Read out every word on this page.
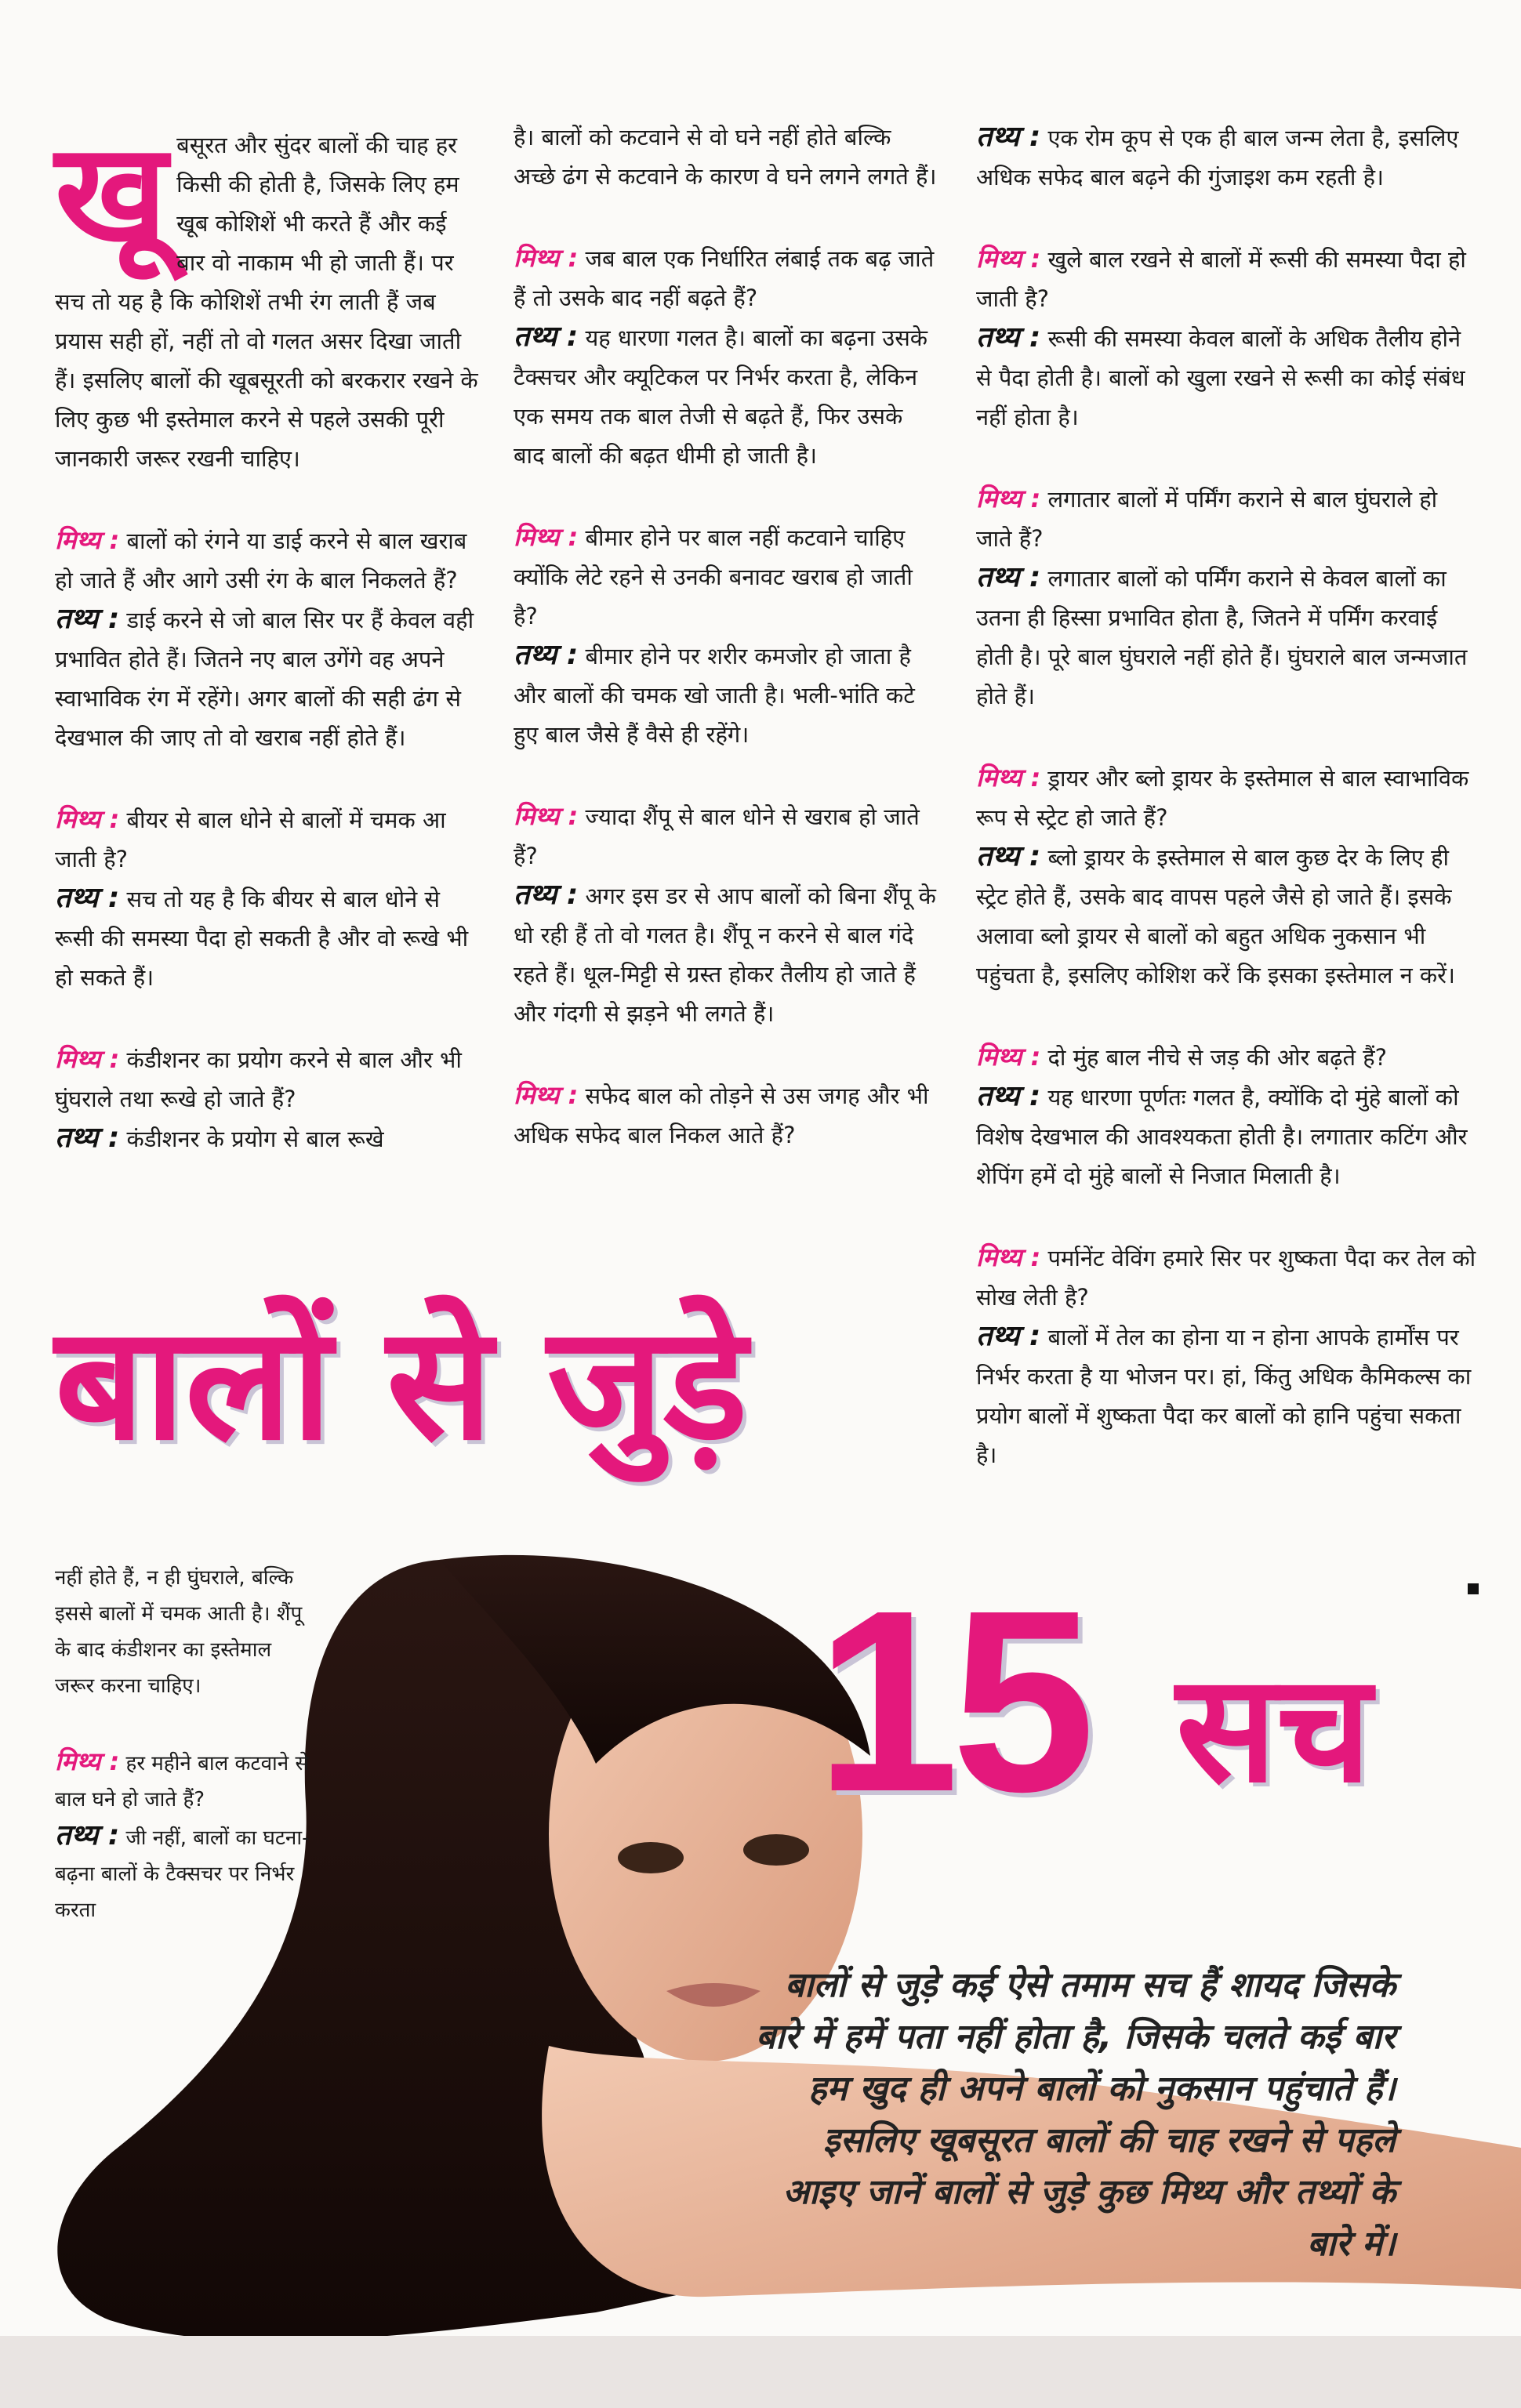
खू बसूरत और सुंदर बालों की चाह हर किसी की होती है, जिसके लिए हम खूब कोशिशें भी करते हैं और कई बार वो नाकाम भी हो जाती हैं। पर सच तो यह है कि कोशिशें तभी रंग लाती हैं जब प्रयास सही हों, नहीं तो वो गलत असर दिखा जाती हैं। इसलिए बालों की खूबसूरती को बरकरार रखने के लिए कुछ भी इस्तेमाल करने से पहले उसकी पूरी जानकारी जरूर रखनी चाहिए।

मिथ्य : बालों को रंगने या डाई करने से बाल खराब हो जाते हैं और आगे उसी रंग के बाल निकलते हैं?
तथ्य : डाई करने से जो बाल सिर पर हैं केवल वही प्रभावित होते हैं। जितने नए बाल उगेंगे वह अपने स्वाभाविक रंग में रहेंगे। अगर बालों की सही ढंग से देखभाल की जाए तो वो खराब नहीं होते हैं।

मिथ्य : बीयर से बाल धोने से बालों में चमक आ जाती है?
तथ्य : सच तो यह है कि बीयर से बाल धोने से रूसी की समस्या पैदा हो सकती है और वो रूखे भी हो सकते हैं।

मिथ्य : कंडीशनर का प्रयोग करने से बाल और भी घुंघराले तथा रूखे हो जाते हैं?
तथ्य : कंडीशनर के प्रयोग से बाल रूखे

है। बालों को कटवाने से वो घने नहीं होते बल्कि अच्छे ढंग से कटवाने के कारण वे घने लगने लगते हैं।

मिथ्य : जब बाल एक निर्धारित लंबाई तक बढ़ जाते हैं तो उसके बाद नहीं बढ़ते हैं?
तथ्य : यह धारणा गलत है। बालों का बढ़ना उसके टैक्सचर और क्यूटिकल पर निर्भर करता है, लेकिन एक समय तक बाल तेजी से बढ़ते हैं, फिर उसके बाद बालों की बढ़त धीमी हो जाती है।

मिथ्य : बीमार होने पर बाल नहीं कटवाने चाहिए क्योंकि लेटे रहने से उनकी बनावट खराब हो जाती है?
तथ्य : बीमार होने पर शरीर कमजोर हो जाता है और बालों की चमक खो जाती है। भली-भांति कटे हुए बाल जैसे हैं वैसे ही रहेंगे।

मिथ्य : ज्यादा शैंपू से बाल धोने से खराब हो जाते हैं?
तथ्य : अगर इस डर से आप बालों को बिना शैंपू के धो रही हैं तो वो गलत है। शैंपू न करने से बाल गंदे रहते हैं। धूल-मिट्टी से ग्रस्त होकर तैलीय हो जाते हैं और गंदगी से झड़ने भी लगते हैं।

मिथ्य : सफेद बाल को तोड़ने से उस जगह और भी अधिक सफेद बाल निकल आते हैं?

तथ्य : एक रोम कूप से एक ही बाल जन्म लेता है, इसलिए अधिक सफेद बाल बढ़ने की गुंजाइश कम रहती है।

मिथ्य : खुले बाल रखने से बालों में रूसी की समस्या पैदा हो जाती है?
तथ्य : रूसी की समस्या केवल बालों के अधिक तैलीय होने से पैदा होती है। बालों को खुला रखने से रूसी का कोई संबंध नहीं होता है।

मिथ्य : लगातार बालों में पर्मिंग कराने से बाल घुंघराले हो जाते हैं?
तथ्य : लगातार बालों को पर्मिंग कराने से केवल बालों का उतना ही हिस्सा प्रभावित होता है, जितने में पर्मिंग करवाई होती है। पूरे बाल घुंघराले नहीं होते हैं। घुंघराले बाल जन्मजात होते हैं।

मिथ्य : ड्रायर और ब्लो ड्रायर के इस्तेमाल से बाल स्वाभाविक रूप से स्ट्रेट हो जाते हैं?
तथ्य : ब्लो ड्रायर के इस्तेमाल से बाल कुछ देर के लिए ही स्ट्रेट होते हैं, उसके बाद वापस पहले जैसे हो जाते हैं। इसके अलावा ब्लो ड्रायर से बालों को बहुत अधिक नुकसान भी पहुंचता है, इसलिए कोशिश करें कि इसका इस्तेमाल न करें।

मिथ्य : दो मुंह बाल नीचे से जड़ की ओर बढ़ते हैं?
तथ्य : यह धारणा पूर्णतः गलत है, क्योंकि दो मुंहे बालों को विशेष देखभाल की आवश्यकता होती है। लगातार कटिंग और शेपिंग हमें दो मुंहे बालों से निजात मिलाती है।

मिथ्य : पर्मानेंट वेविंग हमारे सिर पर शुष्कता पैदा कर तेल को सोख लेती है?
तथ्य : बालों में तेल का होना या न होना आपके हार्मोंस पर निर्भर करता है या भोजन पर। हां, किंतु अधिक कैमिकल्स का प्रयोग बालों में शुष्कता पैदा कर बालों को हानि पहुंचा सकता है।

बालों से जुड़े
15 सच

नहीं होते हैं, न ही घुंघराले, बल्कि इससे बालों में चमक आती है। शैंपू के बाद कंडीशनर का इस्तेमाल जरूर करना चाहिए।

मिथ्य : हर महीने बाल कटवाने से बाल घने हो जाते हैं?
तथ्य : जी नहीं, बालों का घटना-बढ़ना बालों के टैक्सचर पर निर्भर करता

बालों से जुड़े कई ऐसे तमाम सच हैं शायद जिसके बारे में हमें पता नहीं होता है, जिसके चलते कई बार हम खुद ही अपने बालों को नुकसान पहुंचाते हैं। इसलिए खूबसूरत बालों की चाह रखने से पहले आइए जानें बालों से जुड़े कुछ मिथ्य और तथ्यों के बारे में।
